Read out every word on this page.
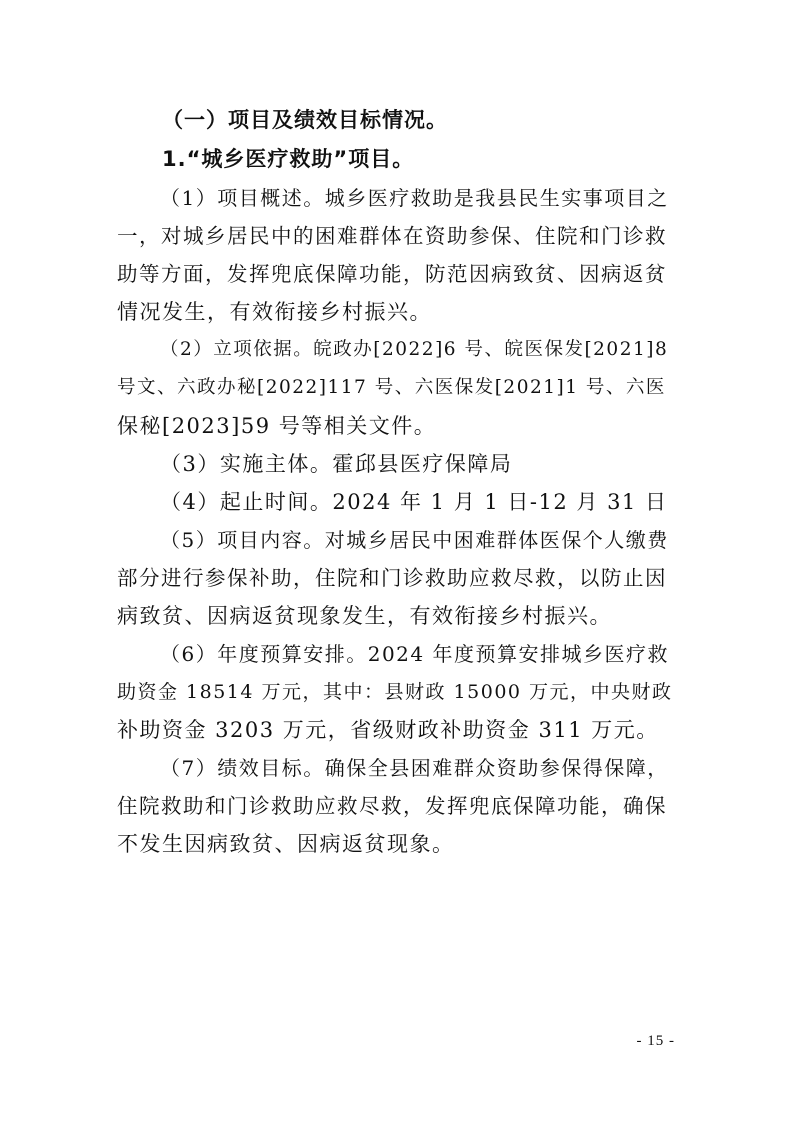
（一）项目及绩效目标情况。
1.“城乡医疗救助”项目。
（1）项目概述。城乡医疗救助是我县民生实事项目之
一，对城乡居民中的困难群体在资助参保、住院和门诊救
助等方面，发挥兜底保障功能，防范因病致贫、因病返贫
情况发生，有效衔接乡村振兴。
（2）立项依据。皖政办[2022]6 号、皖医保发[2021]8
号文、六政办秘[2022]117 号、六医保发[2021]1 号、六医
保秘[2023]59 号等相关文件。
（3）实施主体。霍邱县医疗保障局
（4）起止时间。2024 年 1 月 1 日-12 月 31 日
（5）项目内容。对城乡居民中困难群体医保个人缴费
部分进行参保补助，住院和门诊救助应救尽救，以防止因
病致贫、因病返贫现象发生，有效衔接乡村振兴。
（6）年度预算安排。2024 年度预算安排城乡医疗救
助资金 18514 万元，其中：县财政 15000 万元，中央财政
补助资金 3203 万元，省级财政补助资金 311 万元。
（7）绩效目标。确保全县困难群众资助参保得保障，
住院救助和门诊救助应救尽救，发挥兜底保障功能，确保
不发生因病致贫、因病返贫现象。
- 15 -
